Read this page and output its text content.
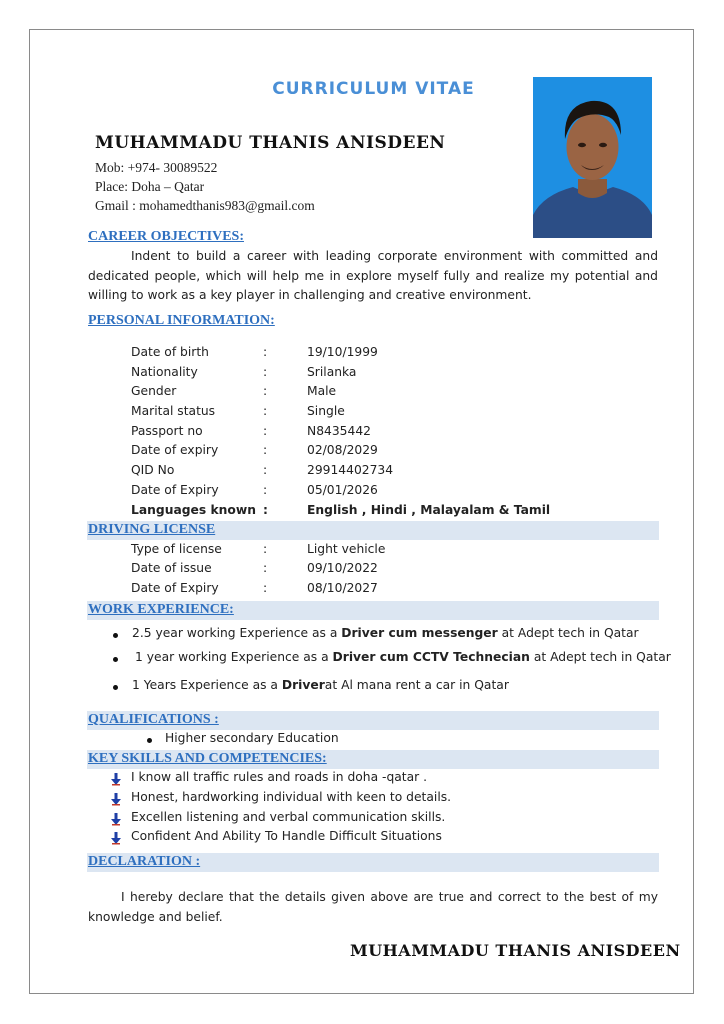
CURRICULUM VITAE
MUHAMMADU THANIS ANISDEEN
Mob: +974- 30089522
Place: Doha – Qatar
Gmail : mohamedthanis983@gmail.com
CAREER OBJECTIVES:
Indent to build a career with leading corporate environment with committed and dedicated people, which will help me in explore myself fully and realize my potential and willing to work as a key player in challenging and creative environment.
PERSONAL INFORMATION:
Date of birth	:	19/10/1999
Nationality	:	Srilanka
Gender	:	Male
Marital status	:	Single
Passport no	:	N8435442
Date of expiry	:	02/08/2029
QID No	:	29914402734
Date of Expiry	:	05/01/2026
Languages known :	English , Hindi , Malayalam & Tamil
DRIVING LICENSE
Type of license	:	Light vehicle
Date of issue	:	09/10/2022
Date of Expiry	:	08/10/2027
WORK EXPERIENCE:
2.5 year working Experience as a Driver cum messenger at Adept tech in Qatar
1 year working Experience as a Driver cum CCTV Technecian at Adept tech in Qatar
1 Years Experience as a Driverat Al mana rent a car in Qatar
QUALIFICATIONS :
Higher secondary Education
KEY SKILLS AND COMPETENCIES:
I know all traffic rules and roads in doha -qatar .
Honest, hardworking individual with keen to details.
Excellen listening and verbal communication skills.
Confident And Ability To Handle Difficult Situations
DECLARATION :
I hereby declare that the details given above are true and correct to the best of my knowledge and belief.
MUHAMMADU THANIS ANISDEEN
